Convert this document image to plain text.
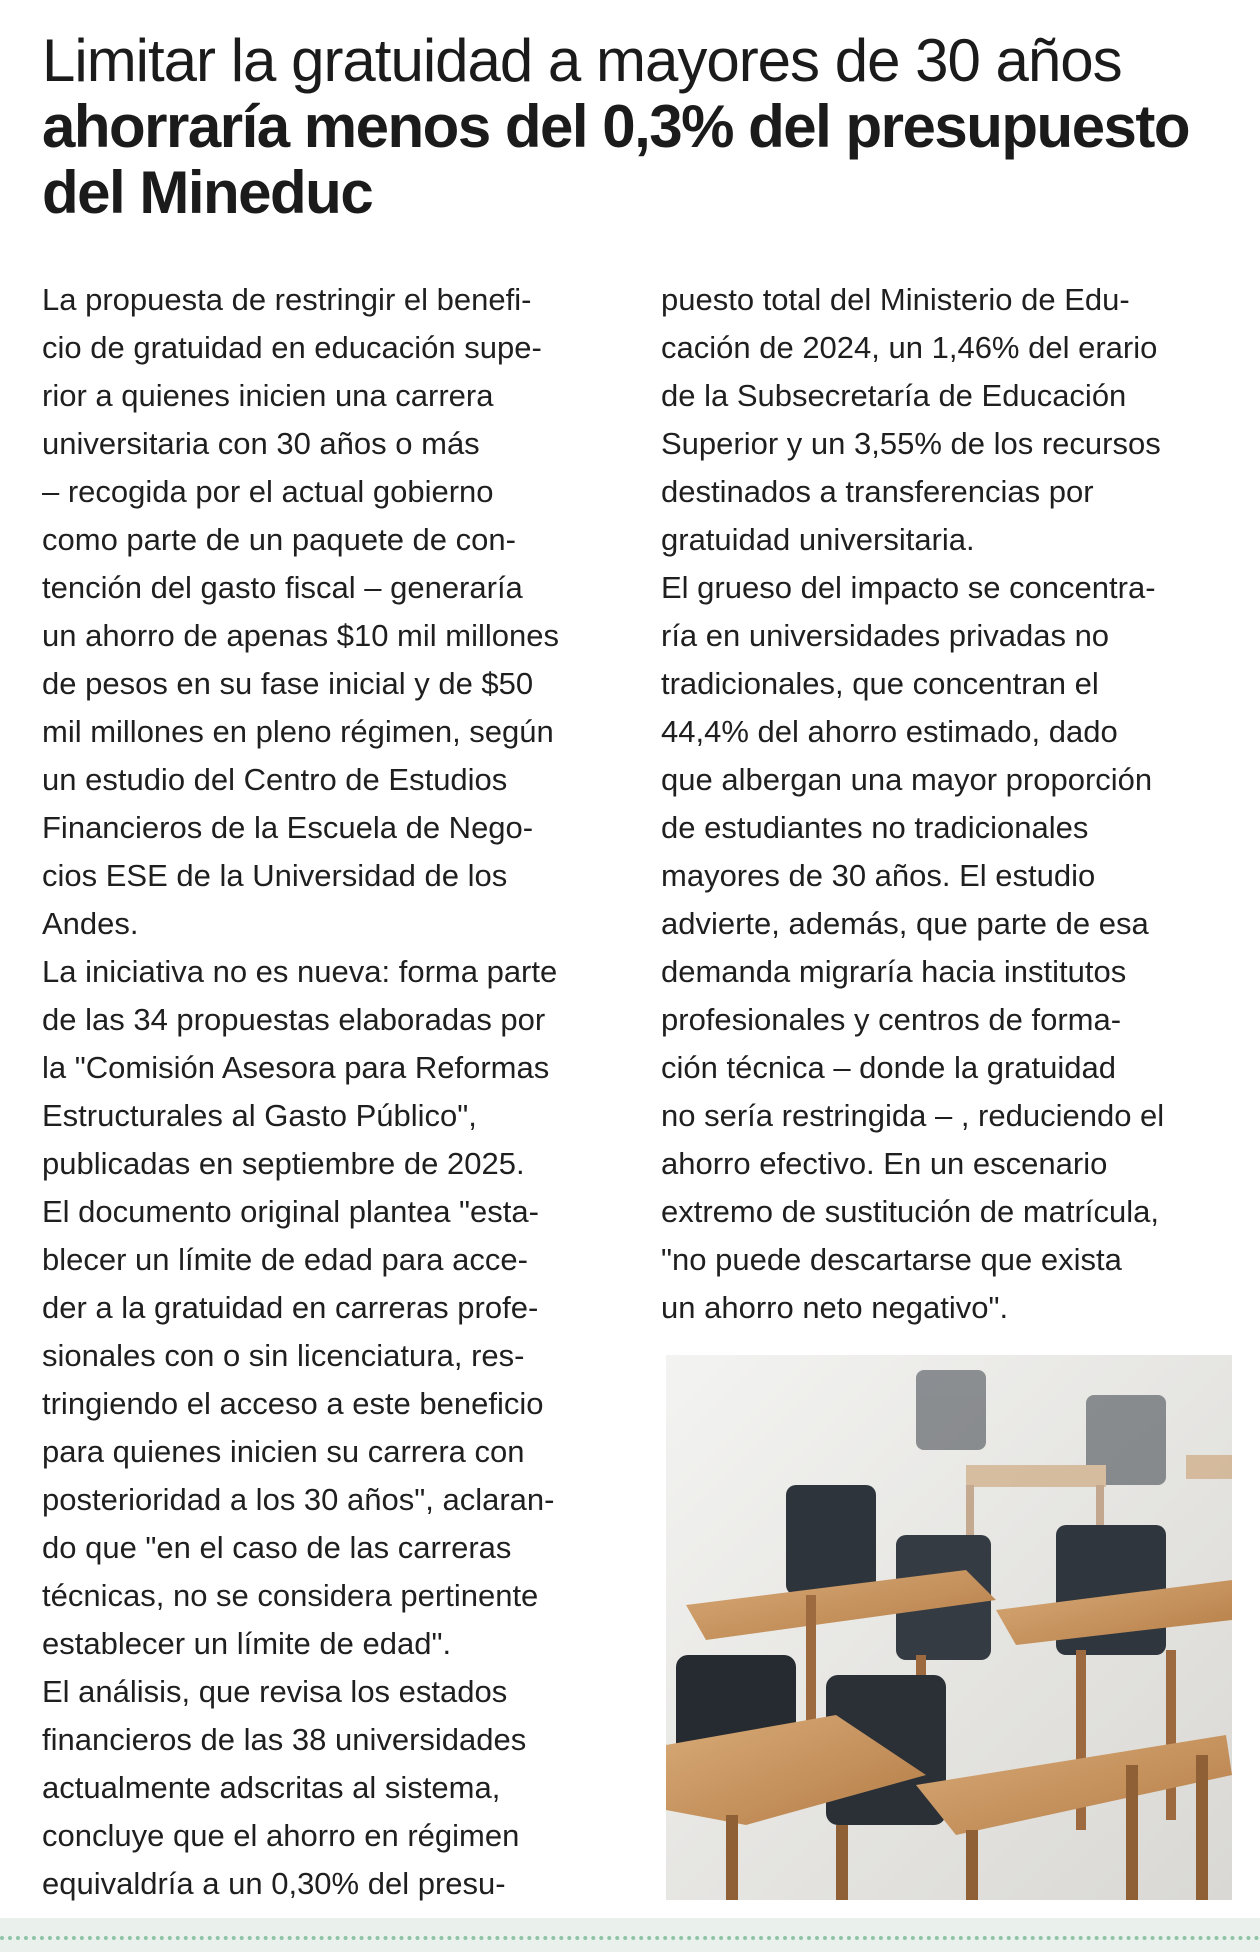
Limitar la gratuidad a mayores de 30 años
ahorraría menos del 0,3% del presupuesto del Mineduc

La propuesta de restringir el benefi-
cio de gratuidad en educación supe-
rior a quienes inicien una carrera
universitaria con 30 años o más
– recogida por el actual gobierno
como parte de un paquete de con-
tención del gasto fiscal – generaría
un ahorro de apenas $10 mil millones
de pesos en su fase inicial y de $50
mil millones en pleno régimen, según
un estudio del Centro de Estudios
Financieros de la Escuela de Nego-
cios ESE de la Universidad de los
Andes.

La iniciativa no es nueva: forma parte
de las 34 propuestas elaboradas por
la "Comisión Asesora para Reformas
Estructurales al Gasto Público",
publicadas en septiembre de 2025.

El documento original plantea "esta-
blecer un límite de edad para acce-
der a la gratuidad en carreras profe-
sionales con o sin licenciatura, res-
tringiendo el acceso a este beneficio
para quienes inicien su carrera con
posterioridad a los 30 años", aclaran-
do que "en el caso de las carreras
técnicas, no se considera pertinente
establecer un límite de edad".

El análisis, que revisa los estados
financieros de las 38 universidades
actualmente adscritas al sistema,
concluye que el ahorro en régimen
equivaldría a un 0,30% del presu-

puesto total del Ministerio de Edu-
cación de 2024, un 1,46% del erario
de la Subsecretaría de Educación
Superior y un 3,55% de los recursos
destinados a transferencias por
gratuidad universitaria.

El grueso del impacto se concentra-
ría en universidades privadas no
tradicionales, que concentran el
44,4% del ahorro estimado, dado
que albergan una mayor proporción
de estudiantes no tradicionales
mayores de 30 años. El estudio
advierte, además, que parte de esa
demanda migraría hacia institutos
profesionales y centros de forma-
ción técnica – donde la gratuidad
no sería restringida – , reduciendo el
ahorro efectivo. En un escenario
extremo de sustitución de matrícula,
"no puede descartarse que exista
un ahorro neto negativo".
